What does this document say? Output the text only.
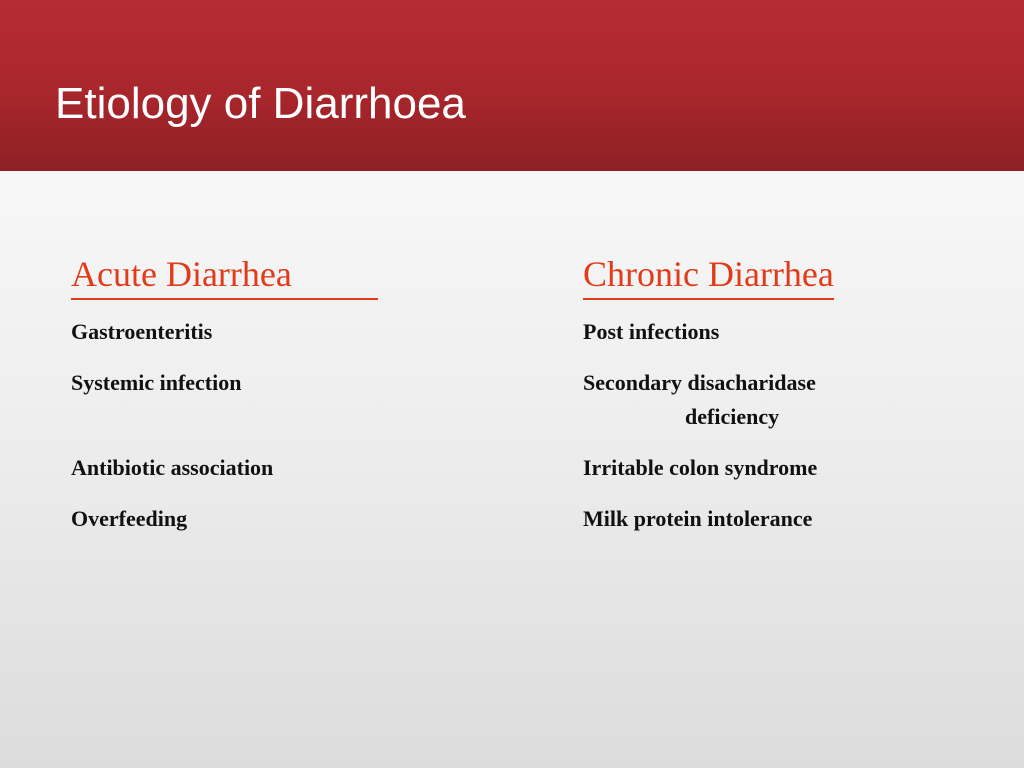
Etiology of Diarrhoea
Acute Diarrhea
Gastroenteritis
Systemic infection
Antibiotic association
Overfeeding
Chronic Diarrhea
Post infections
Secondary disacharidase
deficiency
Irritable colon syndrome
Milk protein intolerance
